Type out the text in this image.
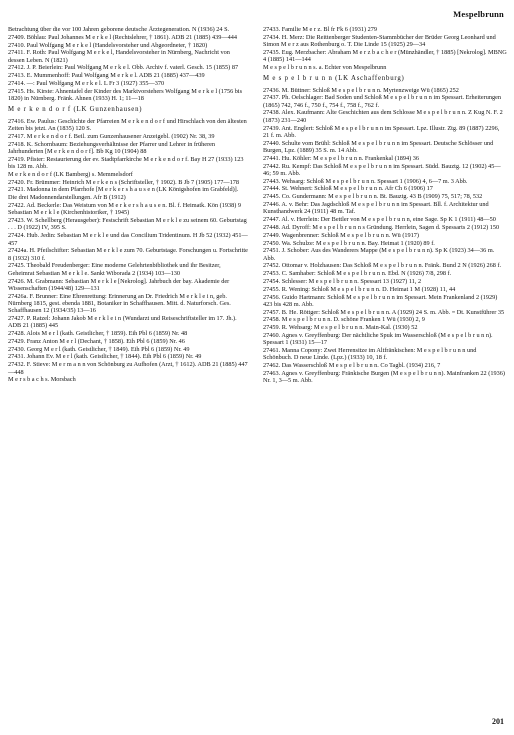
Mespelbrunn

Betrachtung über die vor 100 Jahren geborene deutsche Ärztegeneration. N (1936) 24 S.

27409. Böhlau: Paul Johannes M e r k e l (Rechtslehrer, † 1861). ADB 21 (1885) 439—444

27410. Paul Wolfgang M e r k e l (Handelsvorsteher und Abgeordneter, † 1820)

27411. F. Roth: Paul Wolfgang M e r k e l, Handelsvorsteher in Nürnberg, Nachricht von dessen Leben. N (1821)

27412. J. P. Beierlein: Paul Wolfgang M e r k e l. Obb. Archiv f. vaterl. Gesch. 15 (1855) 87

27413. E. Mummenhoff: Paul Wolfgang M e r k e l. ADB 21 (1885) 437—439

27414. —: Paul Wolfgang M e r k e l. L Fr 3 (1927) 355—370

27415. Hs. Kirste: Ahnentafel der Kinder des Marktvorstehers Wolfgang M e r k e l (1756 bis 1820) in Nürnberg. Fränk. Ahnen (1933) H. 1; 11—18

M e r k e n d o r f (LK Gunzenhausen)

27416. Ew. Paulus: Geschichte der Pfarreien M e r k e n d o r f und Hirschlach von den ältesten Zeiten bis jetzt. An (1835) 120 S.

27417. M e r k e n d o r f. Beil. zum Gunzenhausener Anzeigebl. (1902) Nr. 38, 39

27418. K. Schornbaum: Beziehungsverhältnisse der Pfarrer und Lehrer in früheren Jahrhunderten [M e r k e n d o r f]. Bb Kg 10 (1904) 88

27419. Pfister: Restaurierung der ev. Stadtpfarrkirche M e r k e n d o r f. Bay H 27 (1933) 123 bis 128 m. Abb.

M e r k e n d o r f (LK Bamberg) s. Memmelsdorf

27420. Fr. Brümmer: Heinrich M e r k e n s (Schriftsteller, † 1902). B Jb 7 (1905) 177—178

27421. Madonna in dem Pfarrhofe [M e r k e r s h a u s e n (LK Königshofen im Grabfeld)]. Die drei Madonnendarstellungen. Afr B (1912)

27422. Ad. Beckerle: Das Weistum von M e r k e r s h a u s e n. Bl. f. Heimatk. Kön (1938) 9

Sebastian M e r k l e (Kirchenhistoriker, † 1945)

27423. W. Schellberg (Herausgeber): Festschrift Sebastian M e r k l e zu seinem 60. Geburtstag . . . D (1922) IV, 395 S.

27424. Hub. Jedin: Sebastian M e r k l e und das Concilium Tridentinum. H Jb 52 (1932) 451—457

27424a. H. Pfeilschifter: Sebastian M e r k l e zum 70. Geburtstage. Forschungen u. Fortschritte 8 (1932) 310 f.

27425. Theobald Freudenberger: Eine moderne Gelehrtenbibliothek und ihr Besitzer, Geheimrat Sebastian M e r k l e. Sankt Wiborada 2 (1934) 103—130

27426. M. Grabmann: Sebastian M e r k l e [Nekrolog]. Jahrbuch der bay. Akademie der Wissenschaften (1944/48) 129—131

27426a. F. Brunner: Eine Ehrenrettung: Erinnerung an Dr. Friedrich M e r k l e i n, geb. Nürnberg 1815, gest. ebenda 1881, Botaniker in Schaffhausen. Mitt. d. Naturforsch. Ges. Schaffhausen 12 (1934/35) 13—16

27427. P. Ratzel: Johann Jakob M e r k l e i n (Wundarzt und Reiseschriftsteller im 17. Jh.). ADB 21 (1885) 445

27428. Alois M e r l (kath. Geistlicher, † 1859). Eih Pbl 6 (1859) Nr. 48

27429. Franz Anton M e r l (Dechant, † 1858). Eih Pbl 6 (1859) Nr. 46

27430. Georg M e r l (kath. Geistlicher, † 1849). Eih Pbl 6 (1859) Nr. 49

27431. Johann Ev. M e r l (kath. Geistlicher, † 1844). Eih Pbl 6 (1859) Nr. 49

27432. F. Stieve: M e r m a n n von Schönburg zu Aufhofen (Arzt, † 1612). ADB 21 (1885) 447—448

M e r s b a c h s. Morsbach

27433. Familie M e r z. Bl fr Fk 6 (1931) 279

27434. H. Merz: Die Reittenberger Studenten-Stammbücher der Brüder Georg Leonhard und Simon M e r z aus Rothenburg o. T. Die Linde 15 (1925) 29—34

27435. Eug. Merzbacher: Abraham M e r z b a c h e r (Münzhändler, † 1885) [Nekrolog]. MBNG 4 (1885) 141—144

M e s p e l b r u n n s. a. Echter von Mespelbrunn

M e s p e l b r u n n (LK Aschaffenburg)

27436. M. Büttner: Schloß M e s p e l b r u n n. Myrtenzweige Wü (1865) 252

27437. Ph. Oelschlager: Bad Soden und Schloß M e s p e l b r u n n im Spessart. Erheiterungen (1865) 742, 746 f., 750 f., 754 f., 758 f., 762 f.

27438. Alex. Kaufmann: Alte Geschichten aus dem Schlosse M e s p e l b r u n n. Z Kug N. F. 2 (1873) 231—240

27439. Ant. Englert: Schloß M e s p e l b r u n n im Spessart. Lpz. Illustr. Ztg. 89 (1887) 2296, 21 f. m. Abb.

27440. Schulte vom Brühl: Schloß M e s p e l b r u n n im Spessart. Deutsche Schlösser und Burgen, Lpz. (1889) 35 S. m. 14 Abb.

27441. Hu. Köhler: M e s p e l b r u n n. Frankenkal (1894) 36

27442. Ru. Kempf: Das Schloß M e s p e l b r u n n im Spessart. Südd. Bauztg. 12 (1902) 45—46; 59 m. Abb.

27443. Wehsarg: Schloß M e s p e l b r u n n. Spessart 1 (1906) 4, 6—7 m. 3 Abb.

27444. St. Wehnert: Schloß M e s p e l b r u n n. Afr Ch 6 (1906) 17

27445. Co. Gundermann: M e s p e l b r u n n. Bt. Bauztg. 43 B (1909) 75, 517; 78, 532

27446. A. v. Behr: Das Jagdschloß M e s p e l b r u n n im Spessart. Bll. f. Architektur und Kunsthandwerk 24 (1911) 48 m. Taf.

27447. Al. v. Herrlein: Der Bettler von M e s p e l b r u n n, eine Sage. Sp K 1 (1911) 48—50

27448. Ad. Dyroff: M e s p e l b r u n n s Gründung. Herrlein, Sagen d. Spessarts 2 (1912) 150

27449. Wagenbrenner: Schloß M e s p e l b r u n n. Wü (1917)

27450. Wa. Schulze: M e s p e l b r u n n. Bay. Heimat 1 (1920) 89 f.

27451. J. Schober: Aus des Wanderers Mappe (M e s p e l b r u n n). Sp K (1923) 34—36 m. Abb.

27452. Ottomar v. Holzhausen: Das Schloß M e s p e l b r u n n. Fränk. Bund 2 N (1926) 268 f.

27453. C. Samhaber: Schloß M e s p e l b r u n n. Ebd. N (1926) 7/8, 298 f.

27454. Schlesser: M e s p e l b r u n n. Spessart 13 (1927) 11, 2

27455. R. Wening: Schloß M e s p e l b r u n n. D. Heimat 1 M (1928) 11, 44

27456. Guido Hartmann: Schloß M e s p e l b r u n n im Spessart. Mein Frankenland 2 (1929) 423 bis 428 m. Abb.

27457. B. He. Röttger: Schloß M e s p e l b r u n n. A (1929) 24 S. m. Abb. = Dt. Kunstführer 35

27458. M e s p e l b r u n n. D. schöne Franken 1 Wü (1930) 2, 9

27459. R. Wehsarg: M e s p e l b r u n n. Main-Kal. (1930) 52

27460. Agnes v. Greyffenburg: Der nächtliche Spuk im Wasserschloß (M e s p e l b r u n n). Spessart 1 (1931) 15—17

27461. Manna Copony: Zwei Herrensitze im Altfränkischen: M e s p e l b r u n n und Schönbuch. D neue Linde. (Lpz.) (1933) 10, 18 f.

27462. Das Wasserschloß M e s p e l b r u n n. Co Tagbl. (1934) 216, 7

27463. Agnes v. Greyffenburg: Fränkische Burgen (M e s p e l b r u n n). Mainfranken 22 (1936) Nr. 1, 3—5 m. Abb.

201
